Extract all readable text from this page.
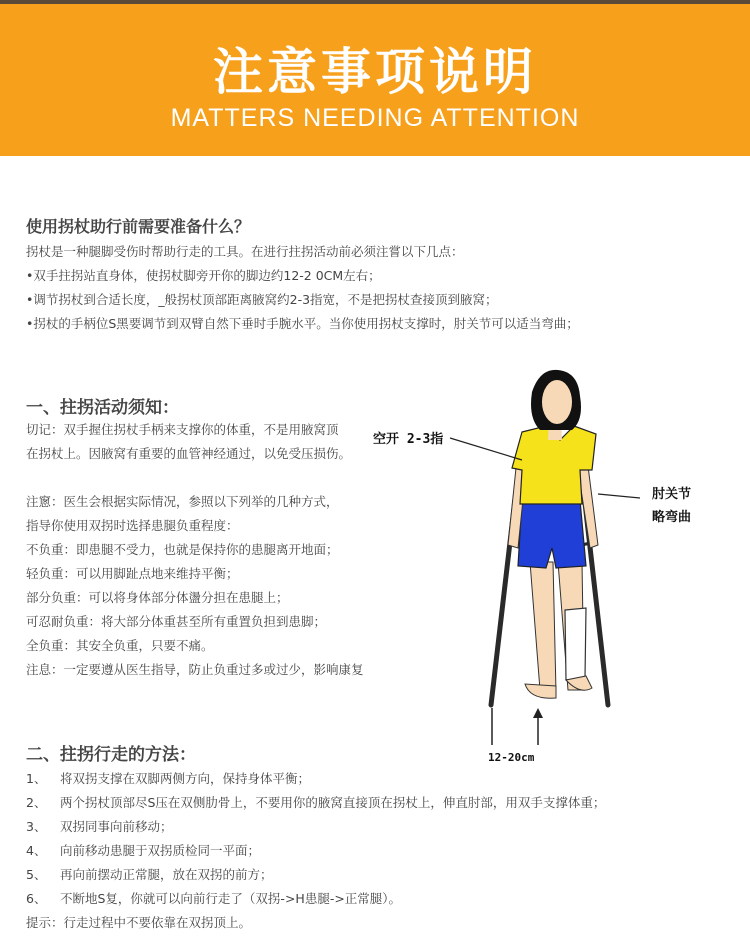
注意事项说明
MATTERS NEEDING ATTENTION
使用拐杖助行前需要准备什么？
拐杖是一种腿脚受伤时帮助行走的工具。在进行拄拐活动前必须注嘗以下几点：
•双手拄拐站直身体，使拐杖脚旁开你的脚边约12-2 0CM左右；
•调节拐杖到合适长度，_般拐杖顶部距离腋窝约2-3指宽，不是把拐杖查接顶到腋窝；
•拐杖的手柄位S黑要调节到双臂自然下垂时手腕水平。当你使用拐杖支撑时，肘关节可以适当弯曲；
一、拄拐活动须知：
切记：双手握住拐杖手柄来支撑你的体重，不是用腋窝顶
在拐杖上。因腋窝有重要的血管神经通过，以免受压损伤。
注窻：医生会根据实际情况，参照以下列举的几种方式，
指导你使用双拐时选择患腿负重程度：
不负重：即患腿不受力，也就是保持你的患腿离开地面；
轻负重：可以用脚趾点地来维持平衡；
部分负重：可以将身体部分体盪分担在患腿上；
可忍耐负重：将大部分体重甚至所有重置负担到患脚；
全负重：其安全负重，只要不痛。
注息：一定要遵从医生指导，防止负重过多或过少，影响康复
空开 2-3指
肘关节
略弯曲
12-20cm
二、拄拐行走的方法：
1、 将双拐支撑在双脚两侧方向，保持身体平衡；
2、 两个拐杖顶部尽S压在双侧肋骨上，不要用你的腋窝直接顶在拐杖上，伸直肘部，用双手支撑体重；
3、 双拐同事向前移动；
4、 向前移动患腿于双拐质检同一平面；
5、 再向前摆动正常腿，放在双拐的前方；
6、 不断地S复，你就可以向前行走了（双拐->H患腿->正常腿）。
提示：行走过程中不要依靠在双拐顶上。
